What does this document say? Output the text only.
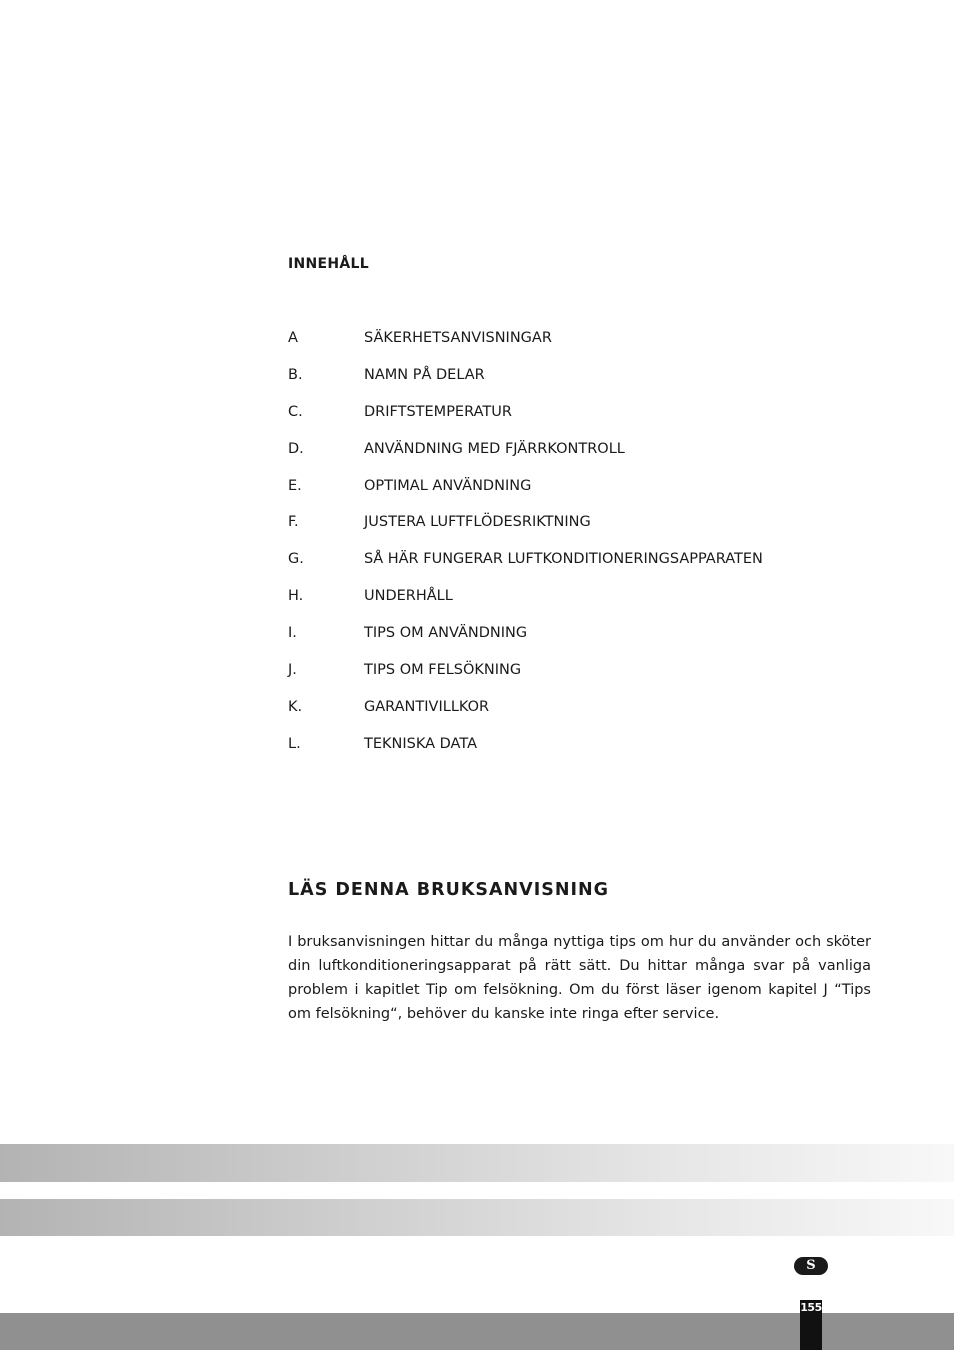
INNEHÅLL
A	SÄKERHETSANVISNINGAR
B.	NAMN PÅ DELAR
C.	DRIFTSTEMPERATUR
D.	ANVÄNDNING MED FJÄRRKONTROLL
E.	OPTIMAL ANVÄNDNING
F.	JUSTERA LUFTFLÖDESRIKTNING
G.	SÅ HÄR FUNGERAR LUFTKONDITIONERINGSAPPARATEN
H.	UNDERHÅLL
I.	TIPS OM ANVÄNDNING
J.	TIPS OM FELSÖKNING
K.	GARANTIVILLKOR
L.	TEKNISKA DATA
LÄS DENNA BRUKSANVISNING

I bruksanvisningen hittar du många nyttiga tips om hur du använder och sköter din luftkonditioneringsapparat på rätt sätt. Du hittar många svar på vanliga problem i kapitlet Tip om felsökning. Om du först läser igenom kapitel J “Tips om felsökning“, behöver du kanske inte ringa efter service.

S
155
